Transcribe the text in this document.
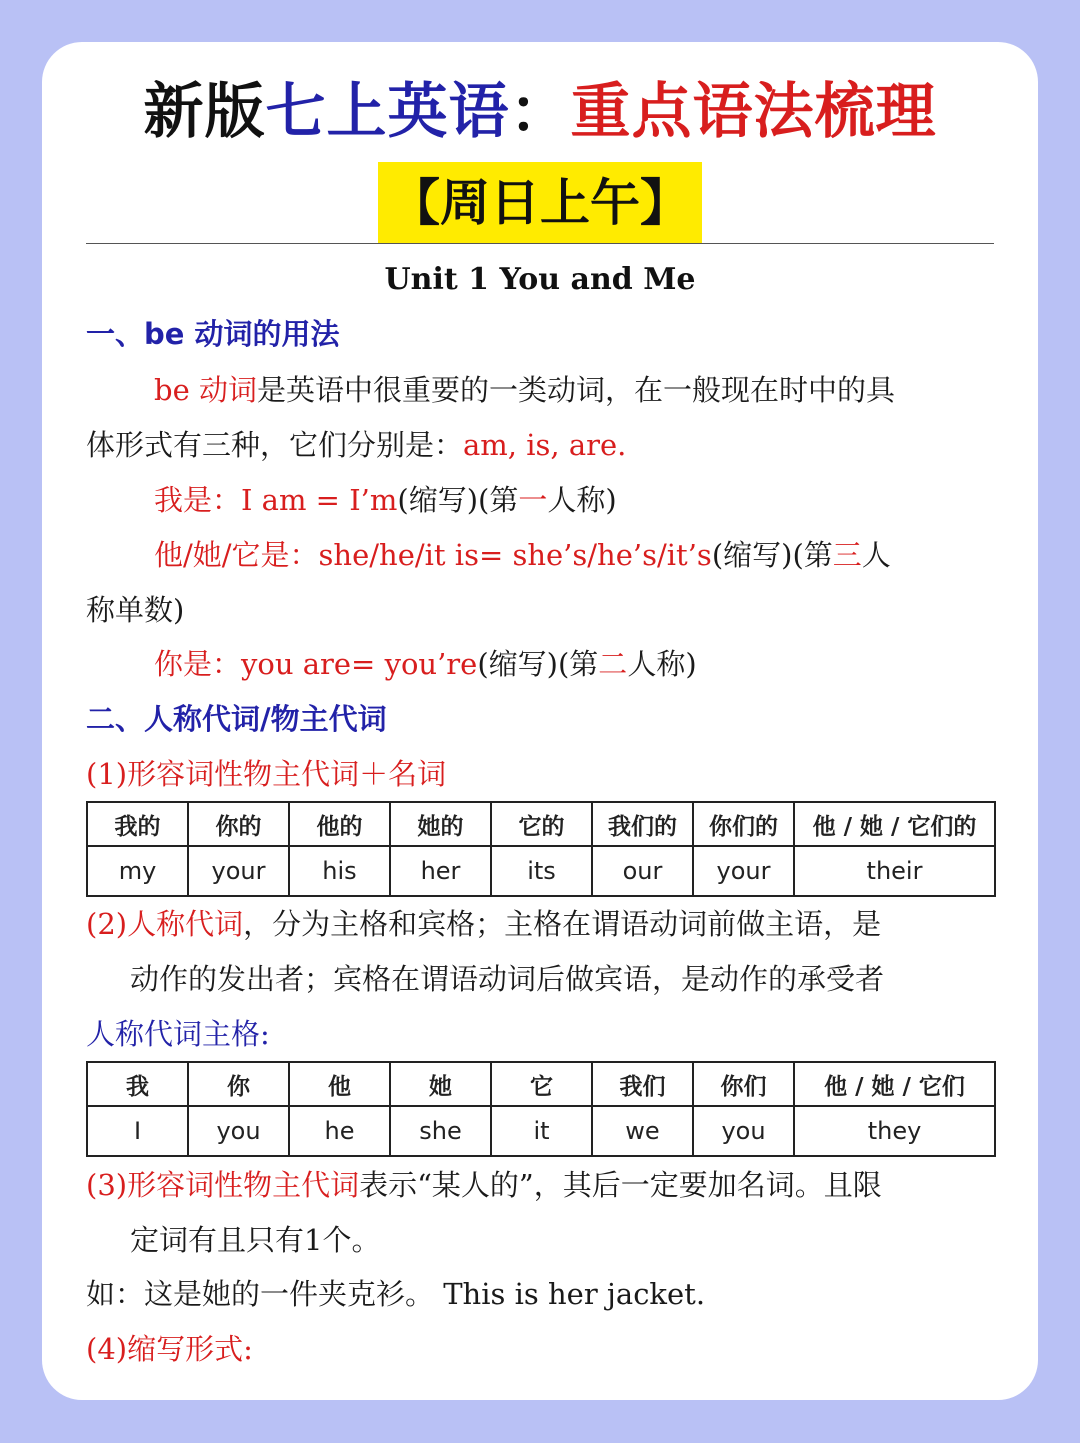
新版七上英语：重点语法梳理
【周日上午】
Unit 1 You and Me
一、be 动词的用法
be 动词是英语中很重要的一类动词，在一般现在时中的具
体形式有三种，它们分别是：am, is, are.
我是：I am = I’m(缩写)(第一人称)
他/她/它是：she/he/it is= she’s/he’s/it’s(缩写)(第三人
称单数)
你是：you are= you’re(缩写)(第二人称)
二、人称代词/物主代词
(1)形容词性物主代词＋名词
我的	你的	他的	她的	它的	我们的	你们的	他 / 她 / 它们的
my	your	his	her	its	our	your	their
(2)人称代词，分为主格和宾格；主格在谓语动词前做主语，是
动作的发出者；宾格在谓语动词后做宾语，是动作的承受者
人称代词主格:
我	你	他	她	它	我们	你们	他 / 她 / 它们
I	you	he	she	it	we	you	they
(3)形容词性物主代词表示“某人的”，其后一定要加名词。且限
定词有且只有1个。
如：这是她的一件夹克衫。 This is her jacket.
(4)缩写形式:
